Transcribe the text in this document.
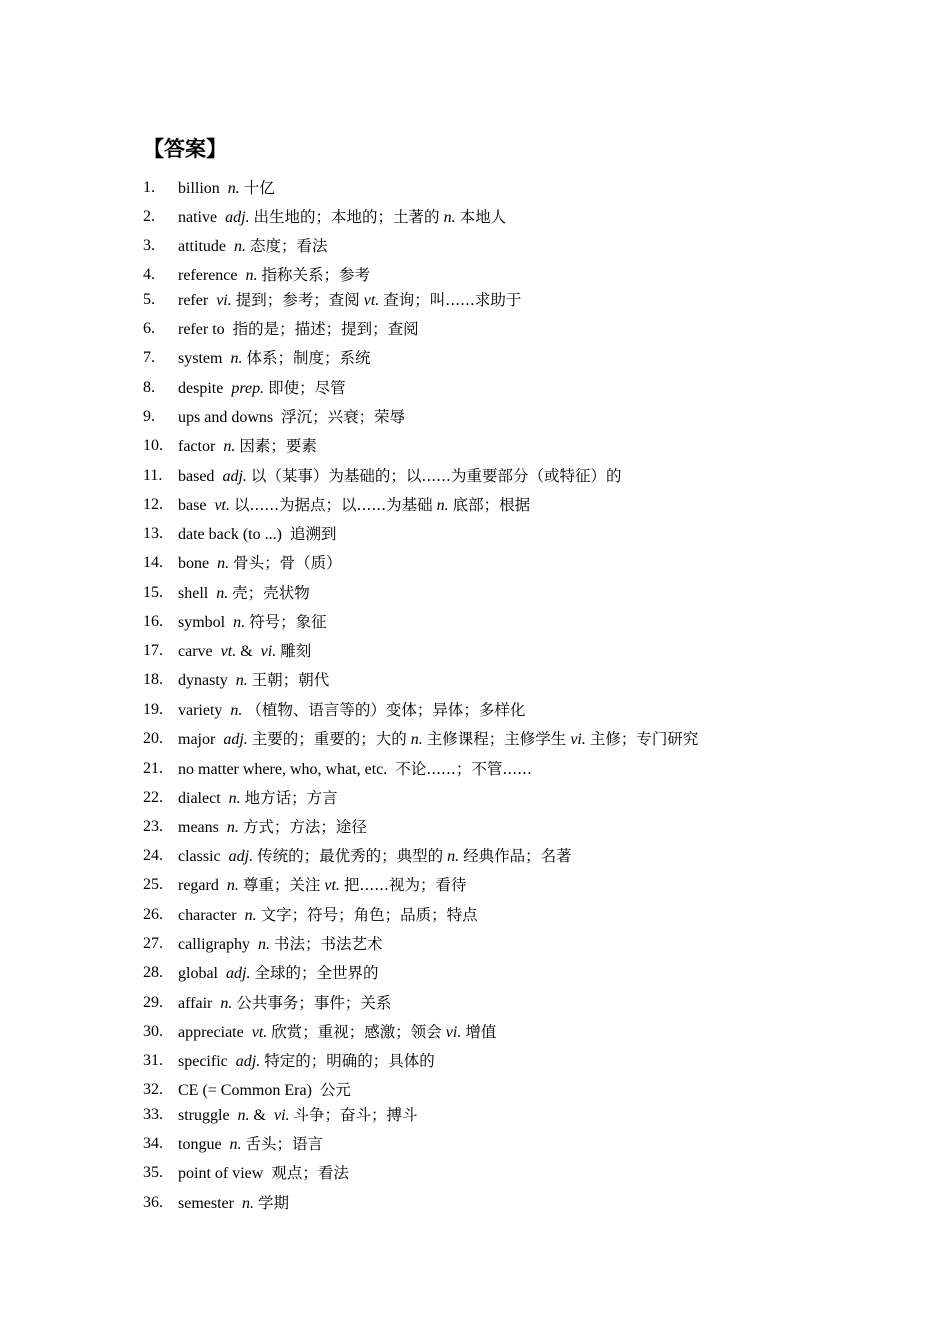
【答案】
1. billion n. 十亿
2. native adj. 出生地的；本地的；土著的 n. 本地人
3. attitude n. 态度；看法
4. reference n. 指称关系；参考
5. refer vi. 提到；参考；查阅 vt. 查询；叫......求助于
6. refer to 指的是；描述；提到；查阅
7. system n. 体系；制度；系统
8. despite prep. 即使；尽管
9. ups and downs 浮沉；兴衰；荣辱
10. factor n. 因素；要素
11. based adj. 以（某事）为基础的；以......为重要部分（或特征）的
12. base vt. 以......为据点；以......为基础 n. 底部；根据
13. date back (to ...) 追溯到
14. bone n. 骨头；骨（质）
15. shell n. 壳；壳状物
16. symbol n. 符号；象征
17. carve vt. & vi. 雕刻
18. dynasty n. 王朝；朝代
19. variety n. （植物、语言等的）变体；异体；多样化
20. major adj. 主要的；重要的；大的 n. 主修课程；主修学生 vi. 主修；专门研究
21. no matter where, who, what, etc. 不论......；不管......
22. dialect n. 地方话；方言
23. means n. 方式；方法；途径
24. classic adj. 传统的；最优秀的；典型的 n. 经典作品；名著
25. regard n. 尊重；关注 vt. 把......视为；看待
26. character n. 文字；符号；角色；品质；特点
27. calligraphy n. 书法；书法艺术
28. global adj. 全球的；全世界的
29. affair n. 公共事务；事件；关系
30. appreciate vt. 欣赏；重视；感激；领会 vi. 增值
31. specific adj. 特定的；明确的；具体的
32. CE (= Common Era) 公元
33. struggle n. & vi. 斗争；奋斗；搏斗
34. tongue n. 舌头；语言
35. point of view 观点；看法
36. semester n. 学期
